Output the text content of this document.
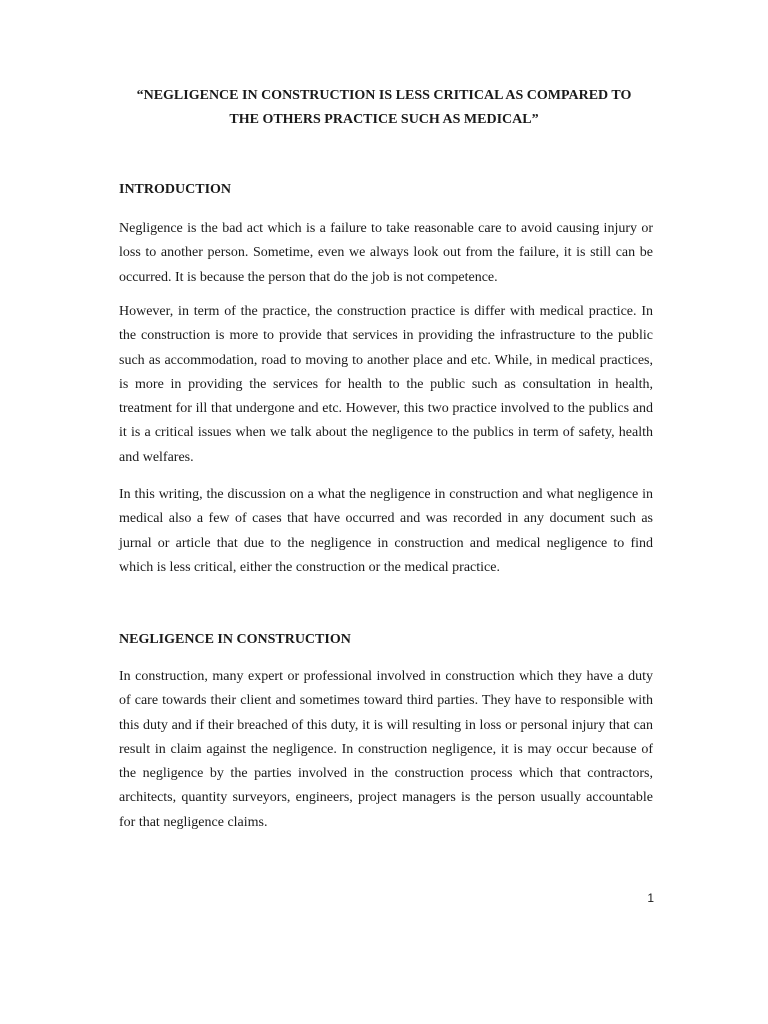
“NEGLIGENCE IN CONSTRUCTION IS LESS CRITICAL AS COMPARED TO
THE OTHERS PRACTICE SUCH AS MEDICAL”
INTRODUCTION

Negligence is the bad act which is a failure to take reasonable care to avoid causing injury or loss to another person. Sometime, even we always look out from the failure, it is still can be occurred. It is because the person that do the job is not competence.

However, in term of the practice, the construction practice is differ with medical practice. In the construction is more to provide that services in providing the infrastructure to the public such as accommodation, road to moving to another place and etc. While, in medical practices, is more in providing the services for health to the public such as consultation in health, treatment for ill that undergone and etc. However, this two practice involved to the publics and it is a critical issues when we talk about the negligence to the publics in term of safety, health and welfares.

In this writing, the discussion on a what the negligence in construction and what negligence in medical also a few of cases that have occurred and was recorded in any document such as jurnal or article that due to the negligence in construction and medical negligence to find which is less critical, either the construction or the medical practice.

NEGLIGENCE IN CONSTRUCTION

In construction, many expert or professional involved in construction which they have a duty of care towards their client and sometimes toward third parties. They have to responsible with this duty and if their breached of this duty, it is will resulting in loss or personal injury that can result in claim against the negligence. In construction negligence, it is may occur because of the negligence by the parties involved in the construction process which that contractors, architects, quantity surveyors, engineers, project managers is the person usually accountable for that negligence claims.

1
